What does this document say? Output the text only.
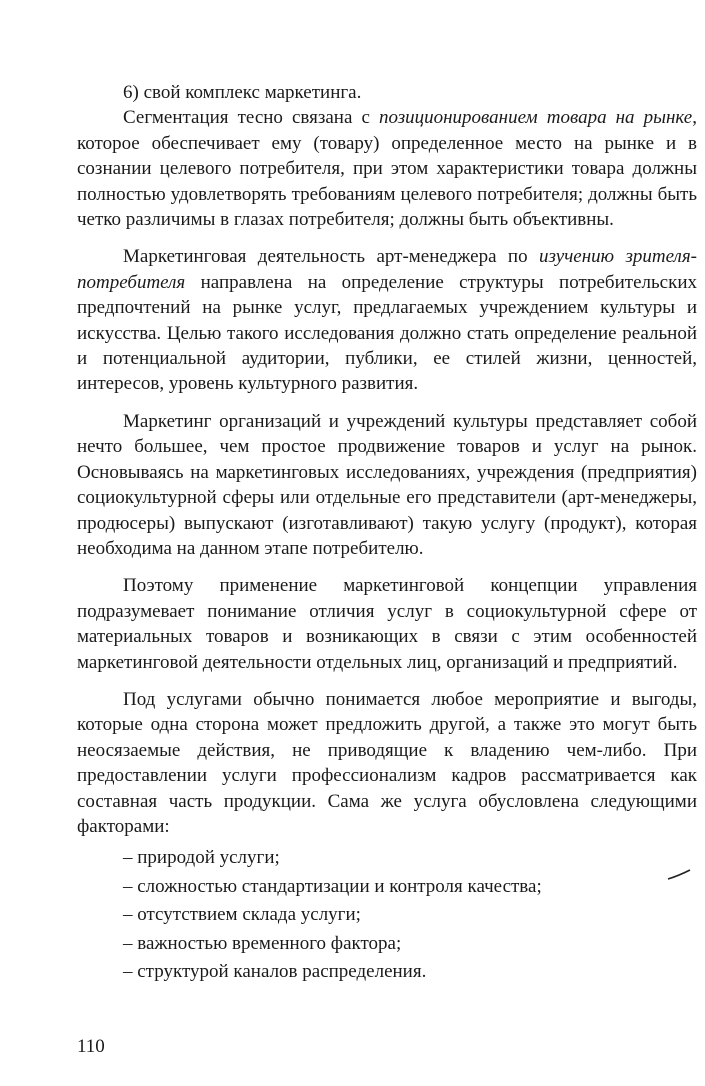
6) свой комплекс маркетинга.

Сегментация тесно связана с позиционированием товара на рынке, которое обеспечивает ему (товару) определенное место на рынке и в сознании целевого потребителя, при этом характеристики товара должны полностью удовлетворять требованиям целевого потребителя; должны быть четко различимы в глазах потребителя; должны быть объективны.

Маркетинговая деятельность арт-менеджера по изучению зрителя-потребителя направлена на определение структуры потребительских предпочтений на рынке услуг, предлагаемых учреждением культуры и искусства. Целью такого исследования должно стать определение реальной и потенциальной аудитории, публики, ее стилей жизни, ценностей, интересов, уровень культурного развития.

Маркетинг организаций и учреждений культуры представляет собой нечто большее, чем простое продвижение товаров и услуг на рынок. Основываясь на маркетинговых исследованиях, учреждения (предприятия) социокультурной сферы или отдельные его представители (арт-менеджеры, продюсеры) выпускают (изготавливают) такую услугу (продукт), которая необходима на данном этапе потребителю.

Поэтому применение маркетинговой концепции управления подразумевает понимание отличия услуг в социокультурной сфере от материальных товаров и возникающих в связи с этим особенностей маркетинговой деятельности отдельных лиц, организаций и предприятий.

Под услугами обычно понимается любое мероприятие и выгоды, которые одна сторона может предложить другой, а также это могут быть неосязаемые действия, не приводящие к владению чем-либо. При предоставлении услуги профессионализм кадров рассматривается как составная часть продукции. Сама же услуга обусловлена следующими факторами:

– природой услуги;

– сложностью стандартизации и контроля качества;

– отсутствием склада услуги;

– важностью временного фактора;

– структурой каналов распределения.

110
